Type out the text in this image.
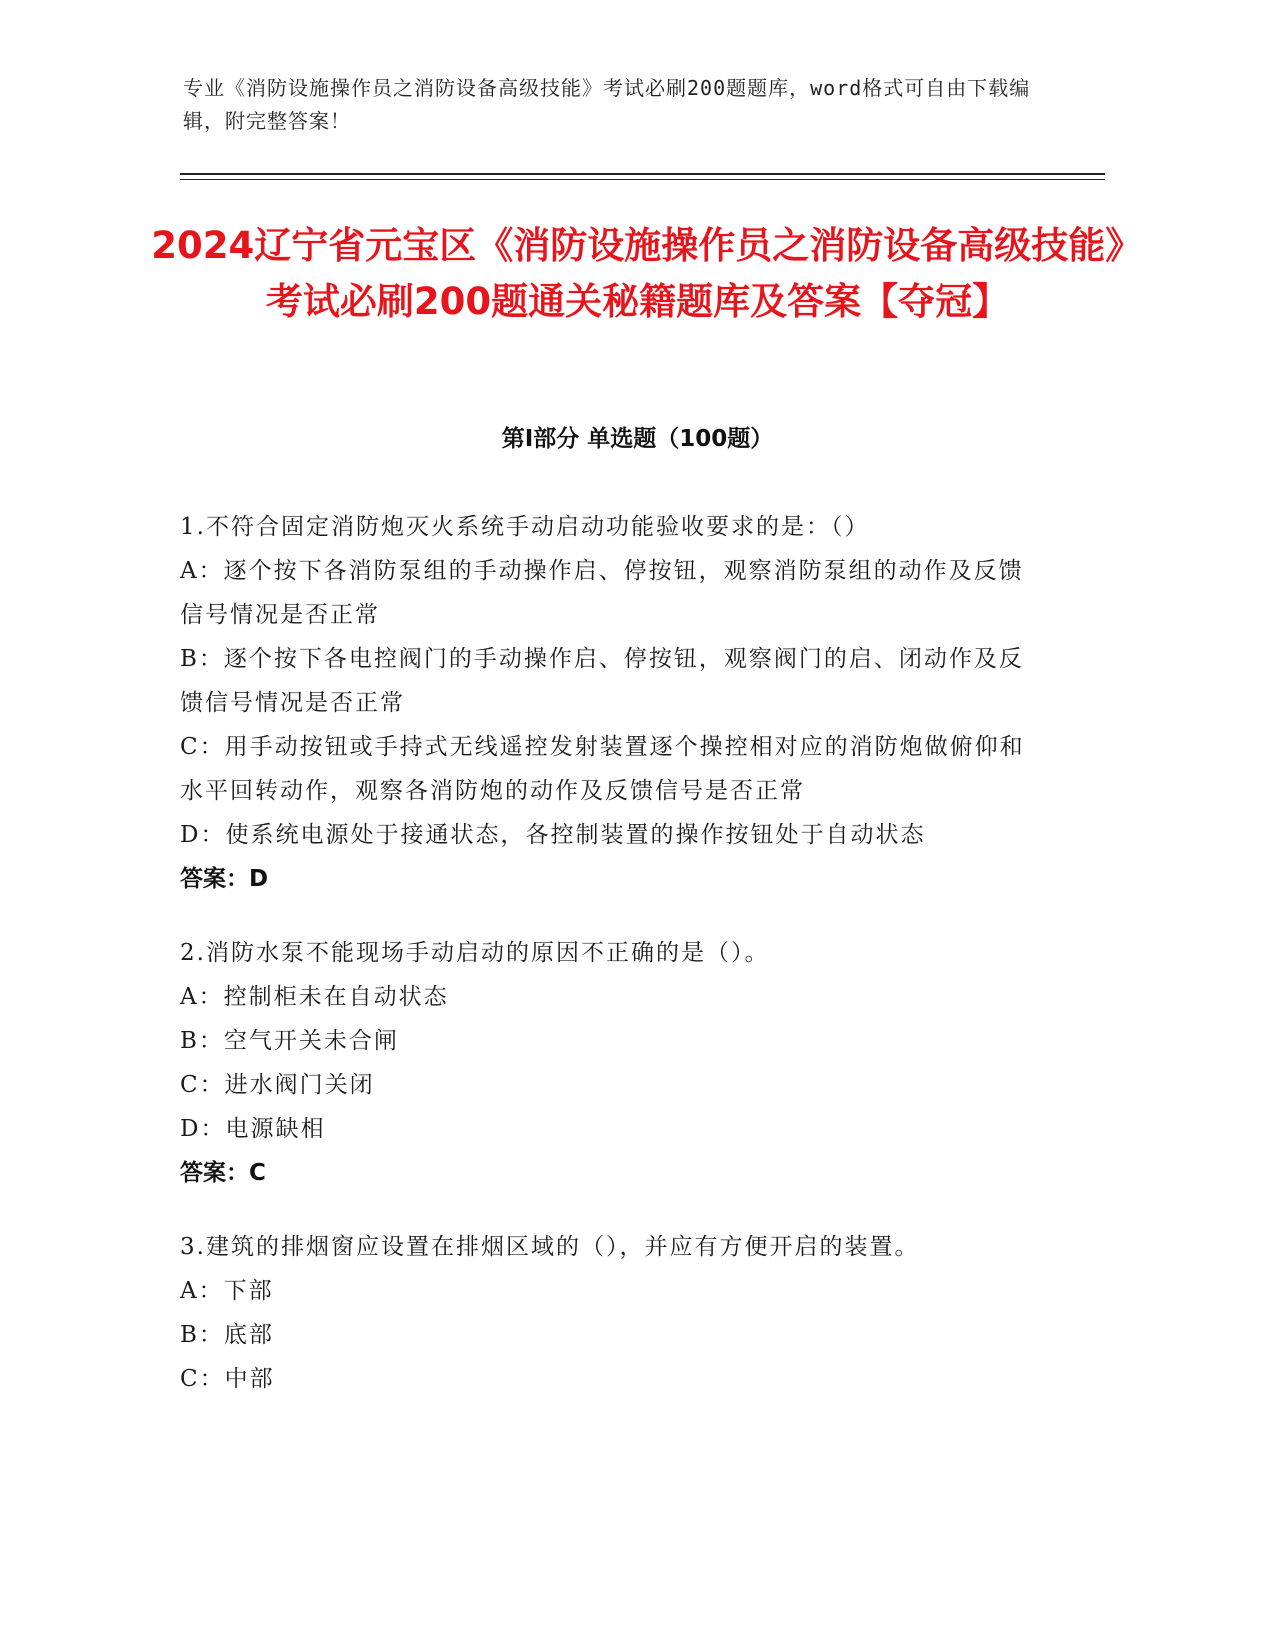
专业《消防设施操作员之消防设备高级技能》考试必刷200题题库，word格式可自由下载编辑，附完整答案！
2024辽宁省元宝区《消防设施操作员之消防设备高级技能》考试必刷200题通关秘籍题库及答案【夺冠】
第Ⅰ部分 单选题（100题）
1.不符合固定消防炮灭火系统手动启动功能验收要求的是：（）
A：逐个按下各消防泵组的手动操作启、停按钮，观察消防泵组的动作及反馈信号情况是否正常
B：逐个按下各电控阀门的手动操作启、停按钮，观察阀门的启、闭动作及反馈信号情况是否正常
C：用手动按钮或手持式无线遥控发射装置逐个操控相对应的消防炮做俯仰和水平回转动作，观察各消防炮的动作及反馈信号是否正常
D：使系统电源处于接通状态，各控制装置的操作按钮处于自动状态
答案：D
2.消防水泵不能现场手动启动的原因不正确的是（）。
A：控制柜未在自动状态
B：空气开关未合闸
C：进水阀门关闭
D：电源缺相
答案：C
3.建筑的排烟窗应设置在排烟区域的（），并应有方便开启的装置。
A：下部
B：底部
C：中部
